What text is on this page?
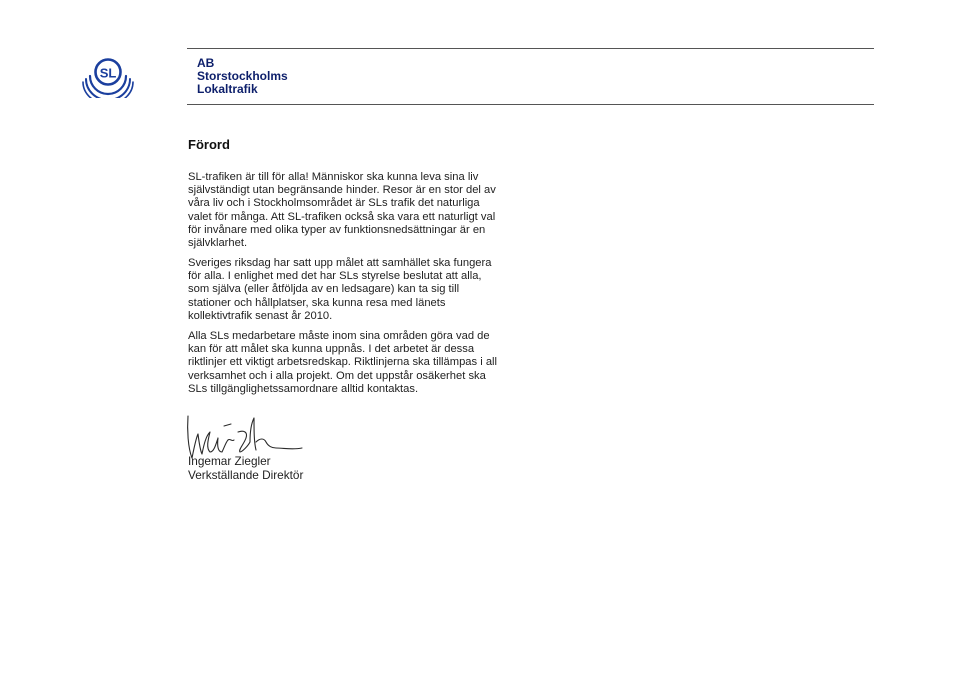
SL
AB
Storstockholms
Lokaltrafik
Förord
SL-trafiken är till för alla! Människor ska kunna leva sina liv
självständigt utan begränsande hinder. Resor är en stor del av
våra liv och i Stockholmsområdet är SLs trafik det naturliga
valet för många. Att SL-trafiken också ska vara ett naturligt val
för invånare med olika typer av funktionsnedsättningar är en
självklarhet.
Sveriges riksdag har satt upp målet att samhället ska fungera
för alla. I enlighet med det har SLs styrelse beslutat att alla,
som själva (eller åtföljda av en ledsagare) kan ta sig till
stationer och hållplatser, ska kunna resa med länets
kollektivtrafik senast år 2010.
Alla SLs medarbetare måste inom sina områden göra vad de
kan för att målet ska kunna uppnås. I det arbetet är dessa
riktlinjer ett viktigt arbetsredskap. Riktlinjerna ska tillämpas i all
verksamhet och i alla projekt. Om det uppstår osäkerhet ska
SLs tillgänglighetssamordnare alltid kontaktas.
Ingemar Ziegler
Verkställande Direktör
